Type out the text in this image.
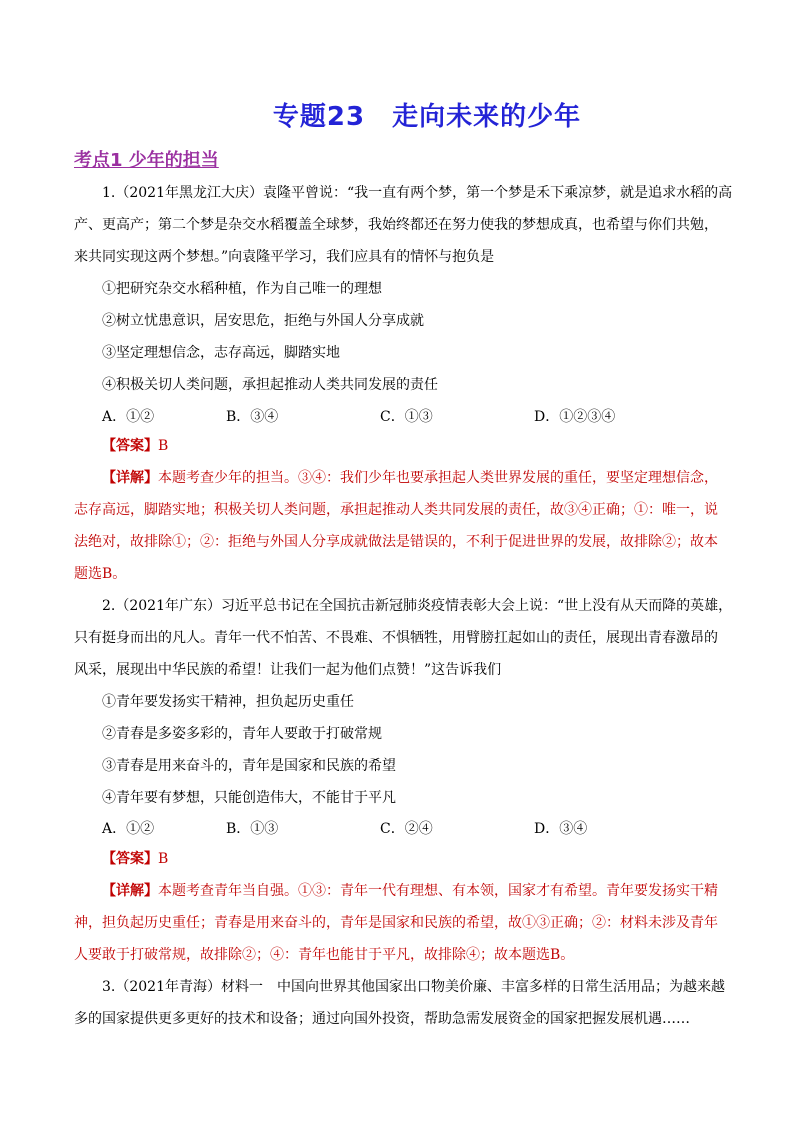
专题23　走向未来的少年
考点1 少年的担当
1.（2021年黑龙江大庆）袁隆平曾说：“我一直有两个梦，第一个梦是禾下乘凉梦，就是追求水稻的高
产、更高产；第二个梦是杂交水稻覆盖全球梦，我始终都还在努力使我的梦想成真，也希望与你们共勉，
来共同实现这两个梦想。”向袁隆平学习，我们应具有的情怀与抱负是
①把研究杂交水稻种植，作为自己唯一的理想
②树立忧患意识，居安思危，拒绝与外国人分享成就
③坚定理想信念，志存高远，脚踏实地
④积极关切人类问题，承担起推动人类共同发展的责任
A．①②	B．③④	C．①③	D．①②③④
【答案】B
【详解】本题考查少年的担当。③④：我们少年也要承担起人类世界发展的重任，要坚定理想信念，
志存高远，脚踏实地；积极关切人类问题，承担起推动人类共同发展的责任，故③④正确；①：唯一，说
法绝对，故排除①；②：拒绝与外国人分享成就做法是错误的，不利于促进世界的发展，故排除②；故本
题选B。
2.（2021年广东）习近平总书记在全国抗击新冠肺炎疫情表彰大会上说：“世上没有从天而降的英雄，
只有挺身而出的凡人。青年一代不怕苦、不畏难、不惧牺牲，用臂膀扛起如山的责任，展现出青春激昂的
风采，展现出中华民族的希望！让我们一起为他们点赞！”这告诉我们
①青年要发扬实干精神，担负起历史重任
②青春是多姿多彩的，青年人要敢于打破常规
③青春是用来奋斗的，青年是国家和民族的希望
④青年要有梦想，只能创造伟大，不能甘于平凡
A．①②	B．①③	C．②④	D．③④
【答案】B
【详解】本题考查青年当自强。①③：青年一代有理想、有本领，国家才有希望。青年要发扬实干精
神，担负起历史重任；青春是用来奋斗的，青年是国家和民族的希望，故①③正确；②：材料未涉及青年
人要敢于打破常规，故排除②；④：青年也能甘于平凡，故排除④；故本题选B。
3.（2021年青海）材料一　中国向世界其他国家出口物美价廉、丰富多样的日常生活用品；为越来越
多的国家提供更多更好的技术和设备；通过向国外投资，帮助急需发展资金的国家把握发展机遇……
